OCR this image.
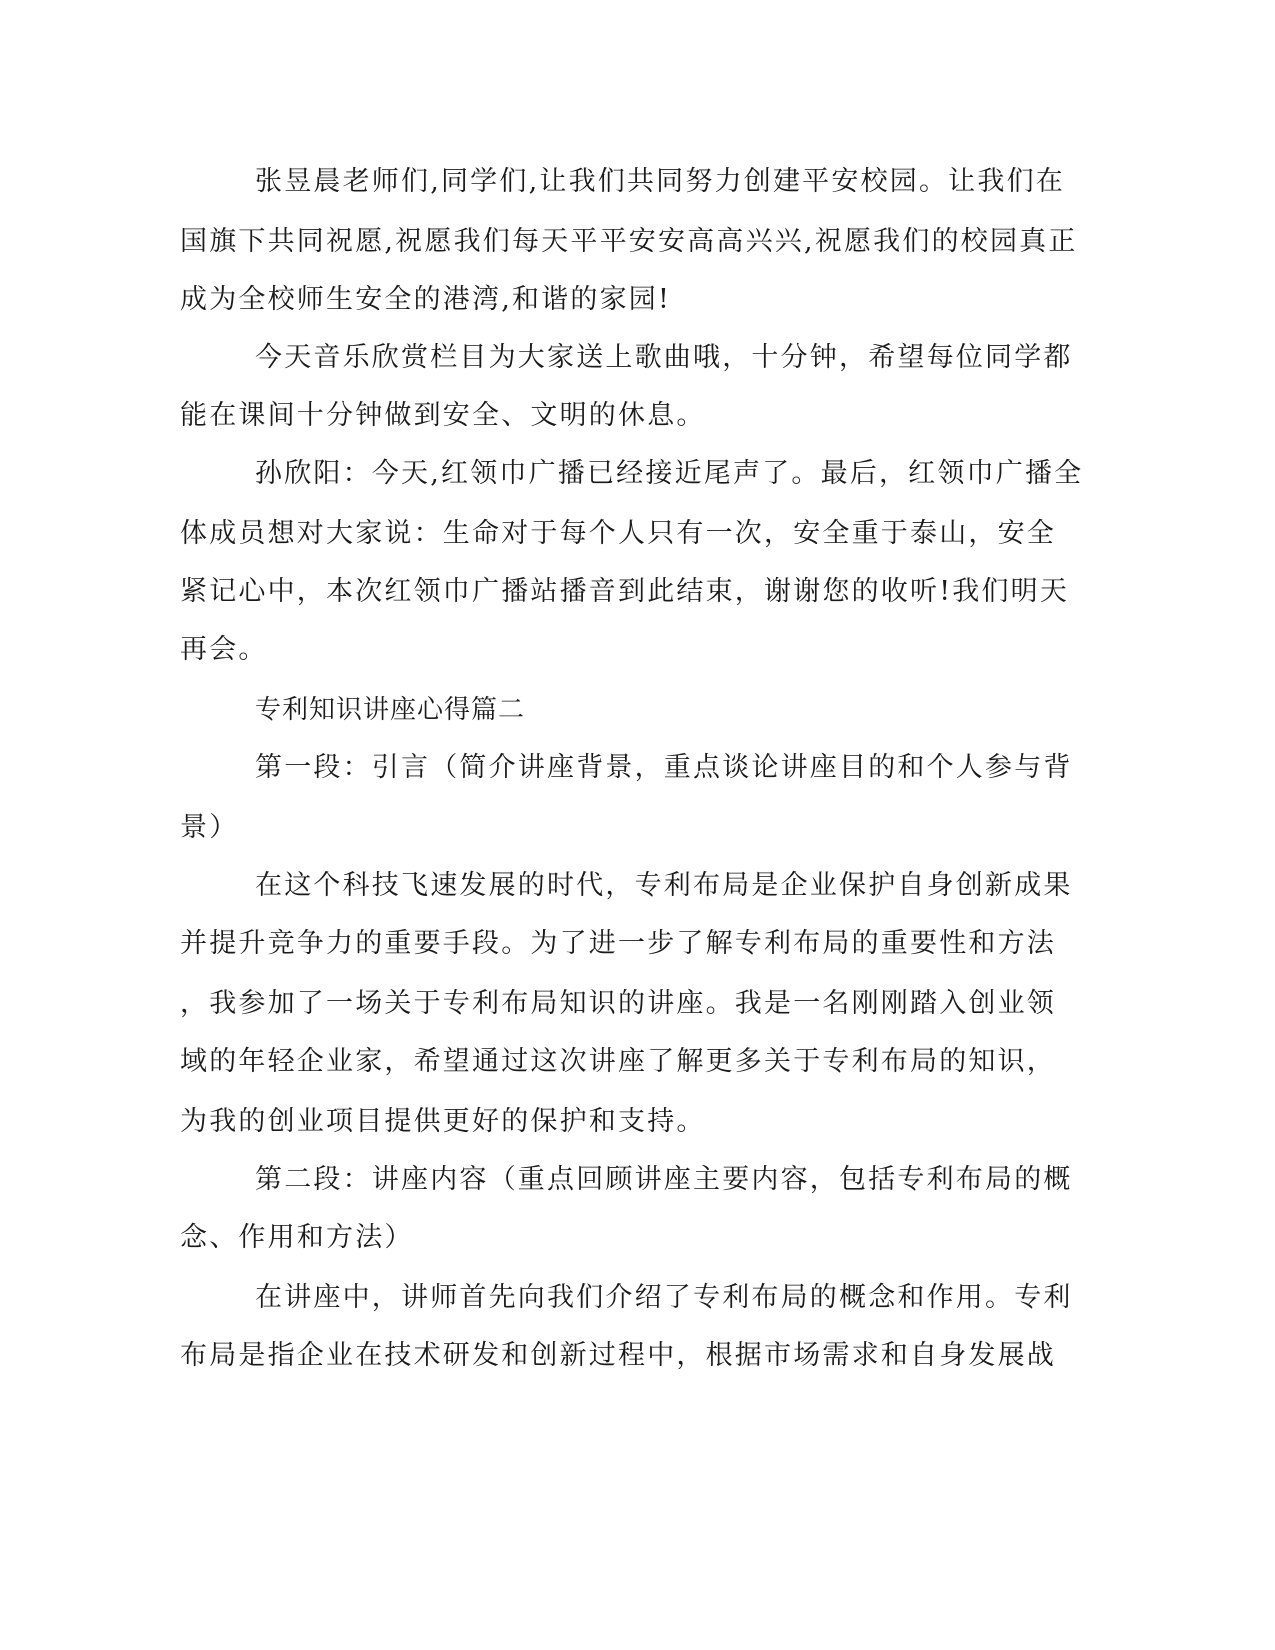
张昱晨老师们,同学们,让我们共同努力创建平安校园。让我们在
国旗下共同祝愿,祝愿我们每天平平安安高高兴兴,祝愿我们的校园真正
成为全校师生安全的港湾,和谐的家园!
今天音乐欣赏栏目为大家送上歌曲哦，十分钟，希望每位同学都
能在课间十分钟做到安全、文明的休息。
孙欣阳：今天,红领巾广播已经接近尾声了。最后，红领巾广播全
体成员想对大家说：生命对于每个人只有一次，安全重于泰山，安全
紧记心中，本次红领巾广播站播音到此结束，谢谢您的收听!我们明天
再会。
专利知识讲座心得篇二
第一段：引言（简介讲座背景，重点谈论讲座目的和个人参与背
景）
在这个科技飞速发展的时代，专利布局是企业保护自身创新成果
并提升竞争力的重要手段。为了进一步了解专利布局的重要性和方法
，我参加了一场关于专利布局知识的讲座。我是一名刚刚踏入创业领
域的年轻企业家，希望通过这次讲座了解更多关于专利布局的知识，
为我的创业项目提供更好的保护和支持。
第二段：讲座内容（重点回顾讲座主要内容，包括专利布局的概
念、作用和方法）
在讲座中，讲师首先向我们介绍了专利布局的概念和作用。专利
布局是指企业在技术研发和创新过程中，根据市场需求和自身发展战
